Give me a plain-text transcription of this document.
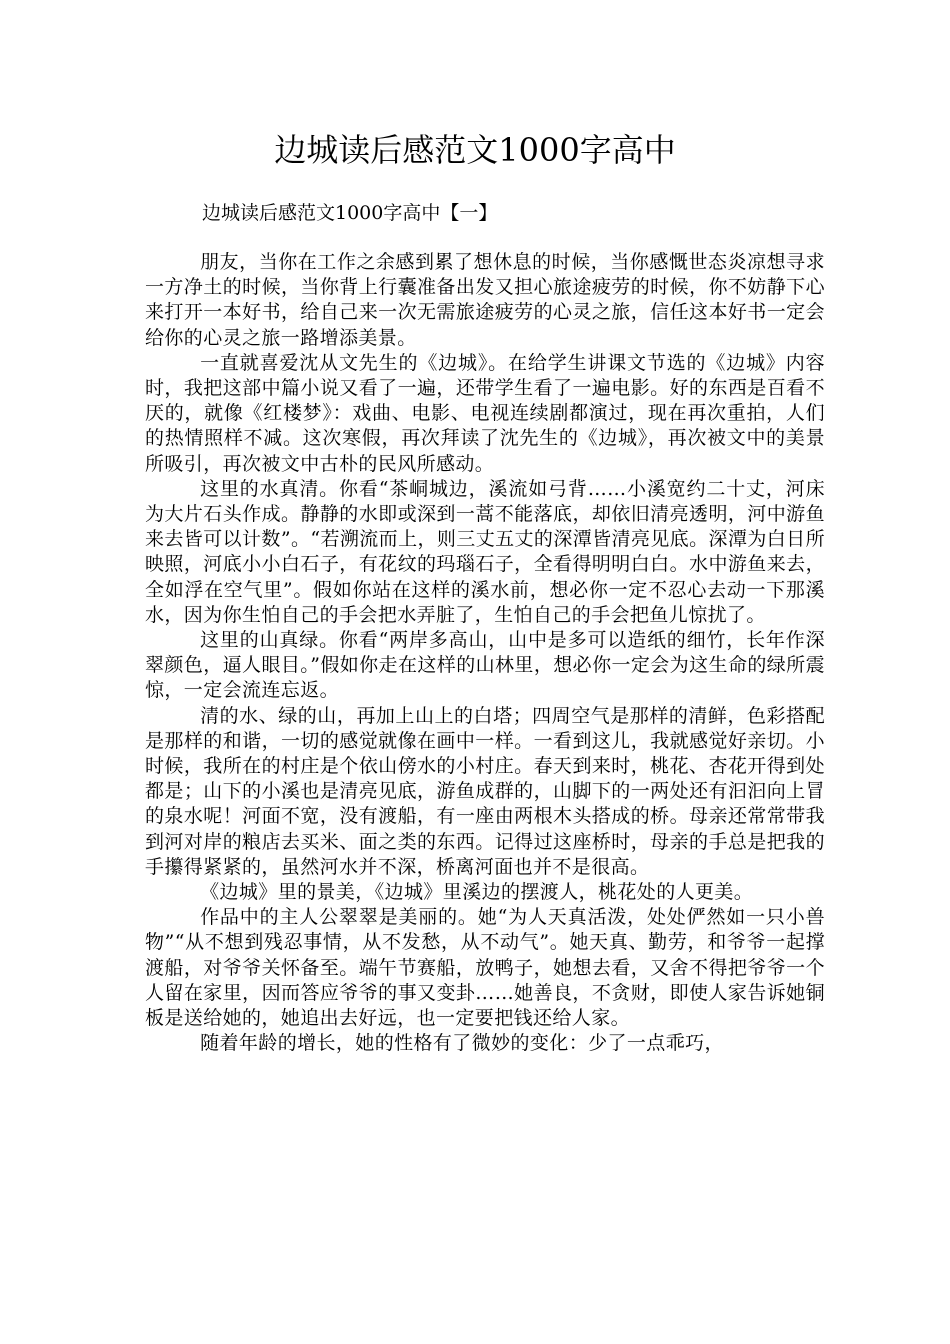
边城读后感范文1000字高中

边城读后感范文1000字高中【一】

朋友，当你在工作之余感到累了想休息的时候，当你感慨世态炎凉想寻求一方净土的时候，当你背上行囊准备出发又担心旅途疲劳的时候，你不妨静下心来打开一本好书，给自己来一次无需旅途疲劳的心灵之旅，信任这本好书一定会给你的心灵之旅一路增添美景。

一直就喜爱沈从文先生的《边城》。在给学生讲课文节选的《边城》内容时，我把这部中篇小说又看了一遍，还带学生看了一遍电影。好的东西是百看不厌的，就像《红楼梦》：戏曲、电影、电视连续剧都演过，现在再次重拍，人们的热情照样不减。这次寒假，再次拜读了沈先生的《边城》，再次被文中的美景所吸引，再次被文中古朴的民风所感动。

这里的水真清。你看“茶峒城边，溪流如弓背……小溪宽约二十丈，河床为大片石头作成。静静的水即或深到一蒿不能落底，却依旧清亮透明，河中游鱼来去皆可以计数”。“若溯流而上，则三丈五丈的深潭皆清亮见底。深潭为白日所映照，河底小小白石子，有花纹的玛瑙石子，全看得明明白白。水中游鱼来去，全如浮在空气里”。假如你站在这样的溪水前，想必你一定不忍心去动一下那溪水，因为你生怕自己的手会把水弄脏了，生怕自己的手会把鱼儿惊扰了。

这里的山真绿。你看“两岸多高山，山中是多可以造纸的细竹，长年作深翠颜色，逼人眼目。”假如你走在这样的山林里，想必你一定会为这生命的绿所震惊，一定会流连忘返。

清的水、绿的山，再加上山上的白塔；四周空气是那样的清鲜，色彩搭配是那样的和谐，一切的感觉就像在画中一样。一看到这儿，我就感觉好亲切。小时候，我所在的村庄是个依山傍水的小村庄。春天到来时，桃花、杏花开得到处都是；山下的小溪也是清亮见底，游鱼成群的，山脚下的一两处还有汩汩向上冒的泉水呢！河面不宽，没有渡船，有一座由两根木头搭成的桥。母亲还常常带我到河对岸的粮店去买米、面之类的东西。记得过这座桥时，母亲的手总是把我的手攥得紧紧的，虽然河水并不深，桥离河面也并不是很高。

《边城》里的景美，《边城》里溪边的摆渡人，桃花处的人更美。

作品中的主人公翠翠是美丽的。她“为人天真活泼，处处俨然如一只小兽物”“从不想到残忍事情，从不发愁，从不动气”。她天真、勤劳，和爷爷一起撑渡船，对爷爷关怀备至。端午节赛船，放鸭子，她想去看，又舍不得把爷爷一个人留在家里，因而答应爷爷的事又变卦……她善良，不贪财，即使人家告诉她铜板是送给她的，她追出去好远，也一定要把钱还给人家。

随着年龄的增长，她的性格有了微妙的变化：少了一点乖巧，
